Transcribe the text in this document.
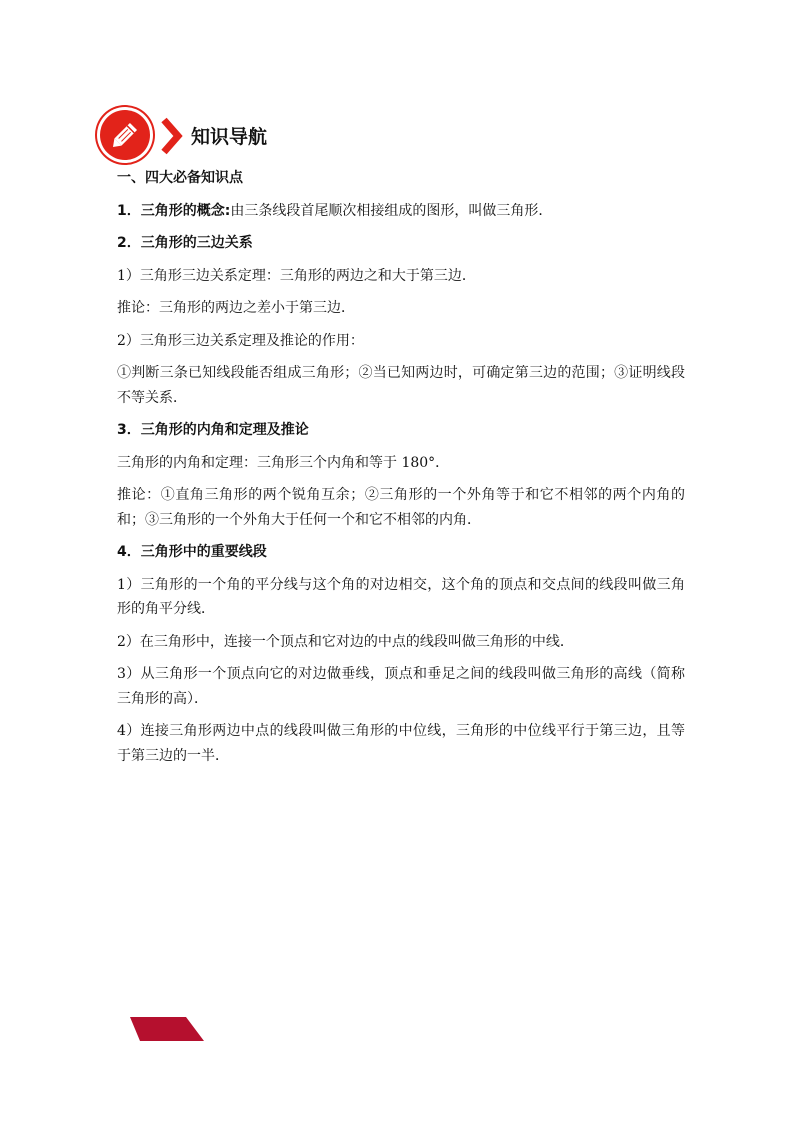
知识导航
一、四大必备知识点
1．三角形的概念:由三条线段首尾顺次相接组成的图形，叫做三角形．
2．三角形的三边关系
1）三角形三边关系定理：三角形的两边之和大于第三边．
推论：三角形的两边之差小于第三边．
2）三角形三边关系定理及推论的作用：
①判断三条已知线段能否组成三角形；②当已知两边时，可确定第三边的范围；③证明线段不等关系．
3．三角形的内角和定理及推论
三角形的内角和定理：三角形三个内角和等于 180°．
推论：①直角三角形的两个锐角互余；②三角形的一个外角等于和它不相邻的两个内角的和；③三角形的一个外角大于任何一个和它不相邻的内角．
4．三角形中的重要线段
1）三角形的一个角的平分线与这个角的对边相交，这个角的顶点和交点间的线段叫做三角形的角平分线．
2）在三角形中，连接一个顶点和它对边的中点的线段叫做三角形的中线．
3）从三角形一个顶点向它的对边做垂线，顶点和垂足之间的线段叫做三角形的高线（简称三角形的高）．
4）连接三角形两边中点的线段叫做三角形的中位线，三角形的中位线平行于第三边，且等于第三边的一半．
